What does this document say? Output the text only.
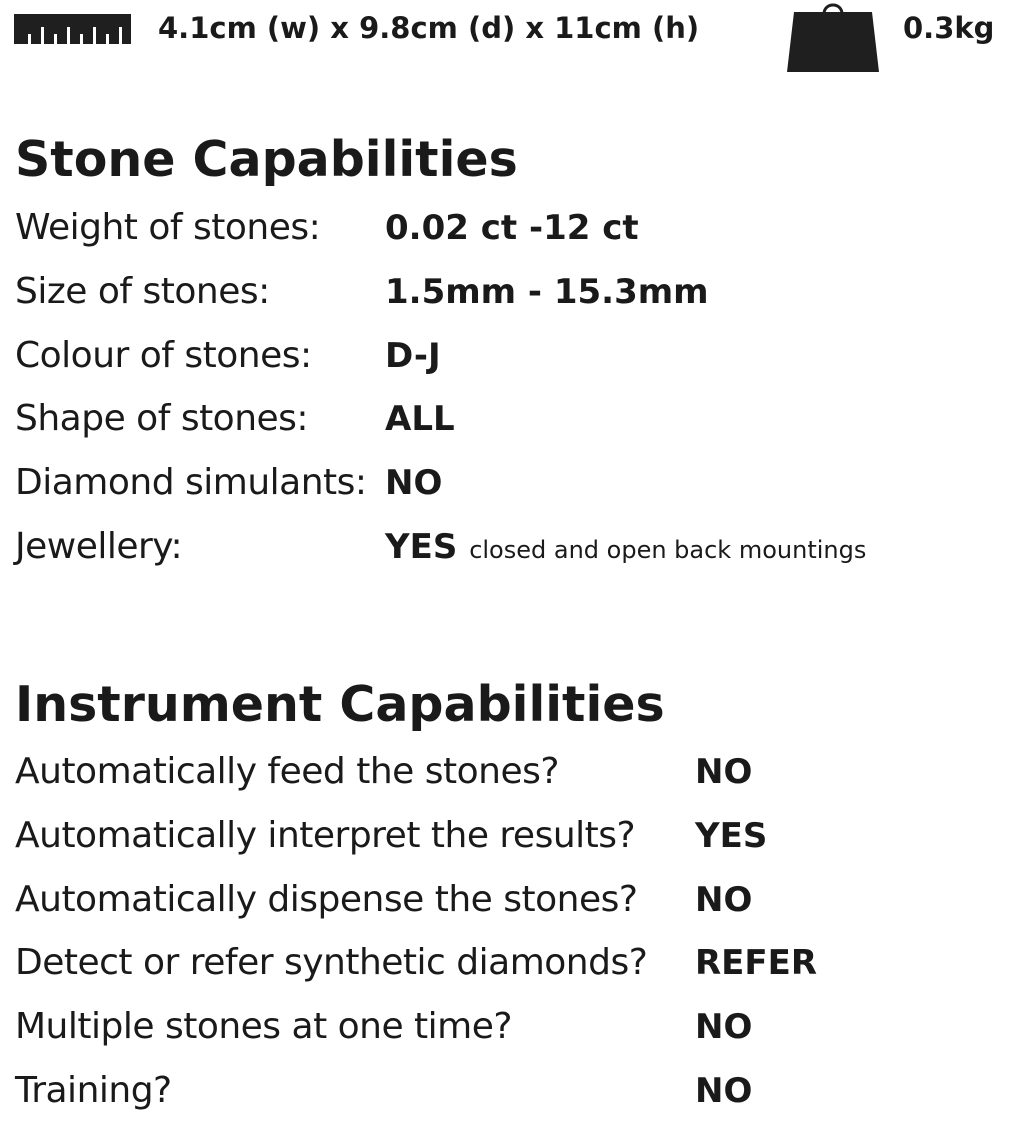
4.1cm (w) x 9.8cm (d) x 11cm (h)	0.3kg
Stone Capabilities
Weight of stones: 0.02 ct -12 ct
Size of stones:	1.5mm - 15.3mm
Colour of stones: D-J
Shape of stones: ALL
Diamond simulants: NO
Jewellery:	YES closed and open back mountings
Instrument Capabilities
Automatically feed the stones?	NO
Automatically interpret the results? YES
Automatically dispense the stones? NO
Detect or refer synthetic diamonds? REFER
Multiple stones at one time?	NO
Training?	NO
